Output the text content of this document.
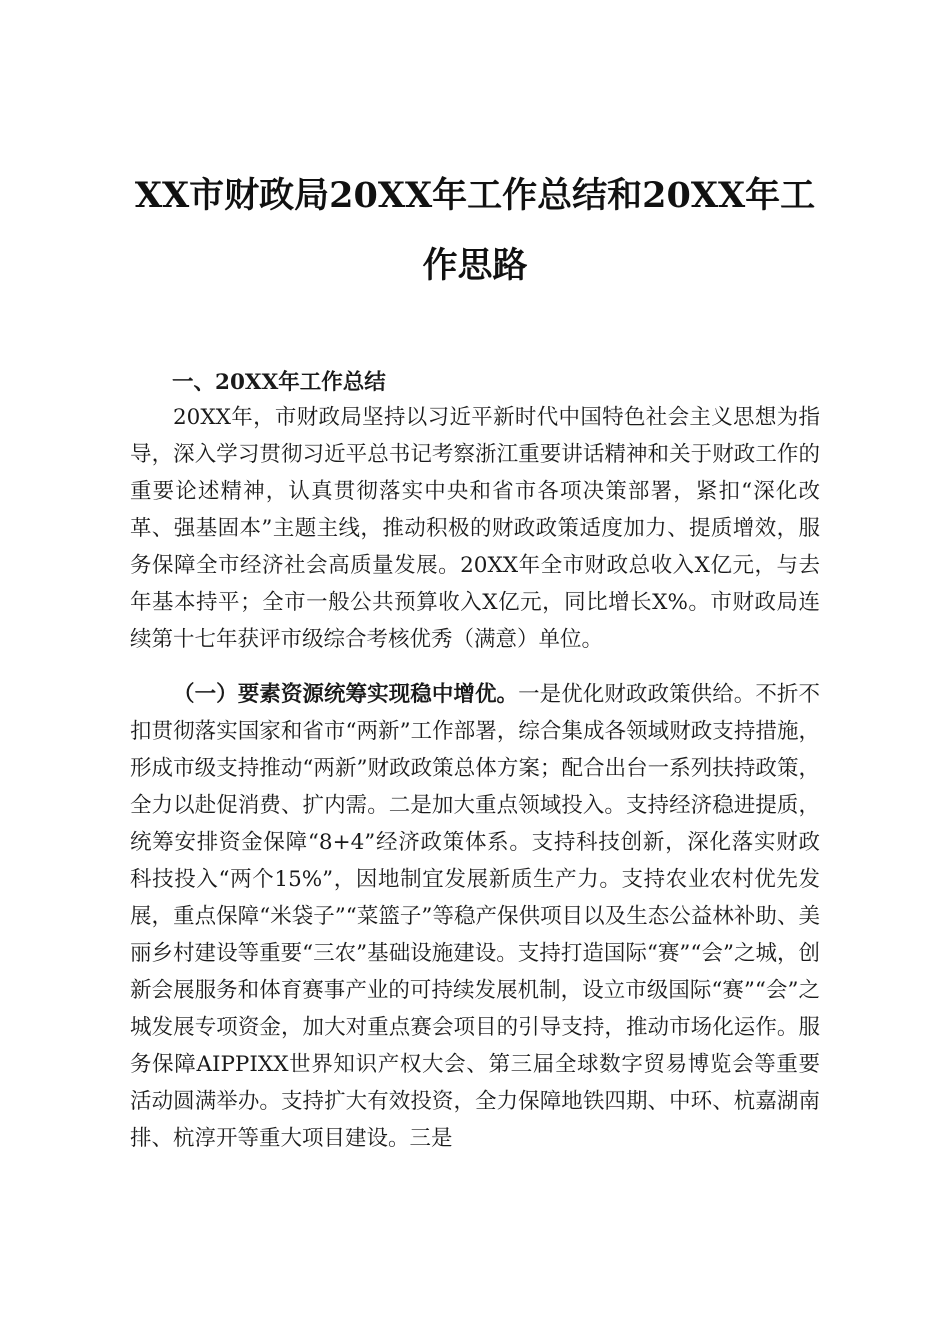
XX市财政局20XX年工作总结和20XX年工
作思路
一、20XX年工作总结
20XX年，市财政局坚持以习近平新时代中国特色社会主义思想为指导，深入学习贯彻习近平总书记考察浙江重要讲话精神和关于财政工作的重要论述精神，认真贯彻落实中央和省市各项决策部署，紧扣“深化改革、强基固本”主题主线，推动积极的财政政策适度加力、提质增效，服务保障全市经济社会高质量发展。20XX年全市财政总收入X亿元，与去年基本持平；全市一般公共预算收入X亿元，同比增长X%。市财政局连续第十七年获评市级综合考核优秀（满意）单位。
（一）要素资源统筹实现稳中增优。一是优化财政政策供给。不折不扣贯彻落实国家和省市“两新”工作部署，综合集成各领域财政支持措施，形成市级支持推动“两新”财政政策总体方案；配合出台一系列扶持政策，全力以赴促消费、扩内需。二是加大重点领域投入。支持经济稳进提质，统筹安排资金保障“8+4”经济政策体系。支持科技创新，深化落实财政科技投入“两个15%”，因地制宜发展新质生产力。支持农业农村优先发展，重点保障“米袋子”“菜篮子”等稳产保供项目以及生态公益林补助、美丽乡村建设等重要“三农”基础设施建设。支持打造国际“赛”“会”之城，创新会展服务和体育赛事产业的可持续发展机制，设立市级国际“赛”“会”之城发展专项资金，加大对重点赛会项目的引导支持，推动市场化运作。服务保障AIPPIXX世界知识产权大会、第三届全球数字贸易博览会等重要活动圆满举办。支持扩大有效投资，全力保障地铁四期、中环、杭嘉湖南排、杭淳开等重大项目建设。三是
